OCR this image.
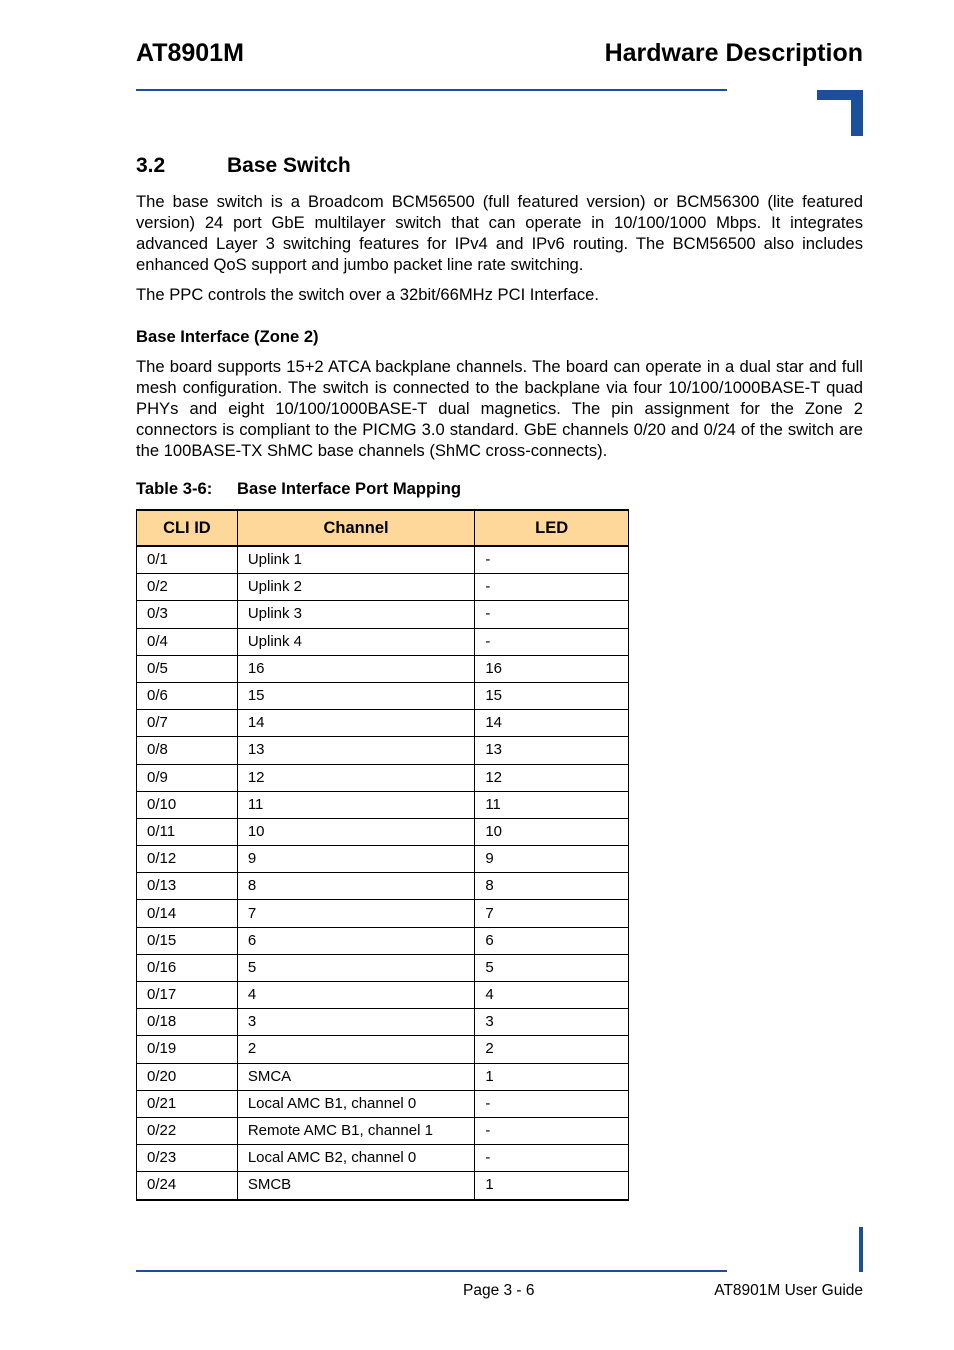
AT8901M	Hardware Description
3.2	Base Switch

The base switch is a Broadcom BCM56500 (full featured version) or BCM56300 (lite featured version) 24 port GbE multilayer switch that can operate in 10/100/1000 Mbps. It integrates advanced Layer 3 switching features for IPv4 and IPv6 routing. The BCM56500 also includes enhanced QoS support and jumbo packet line rate switching.

The PPC controls the switch over a 32bit/66MHz PCI Interface.

Base Interface (Zone 2)

The board supports 15+2 ATCA backplane channels. The board can operate in a dual star and full mesh configuration. The switch is connected to the backplane via four 10/100/1000BASE-T quad PHYs and eight 10/100/1000BASE-T dual magnetics. The pin assignment for the Zone 2 connectors is compliant to the PICMG 3.0 standard. GbE channels 0/20 and 0/24 of the switch are the 100BASE-TX ShMC base channels (ShMC cross-connects).

Table 3-6: Base Interface Port Mapping
CLI ID	Channel	LED
0/1	Uplink 1	-
0/2	Uplink 2	-
0/3	Uplink 3	-
0/4	Uplink 4	-
0/5	16	16
0/6	15	15
0/7	14	14
0/8	13	13
0/9	12	12
0/10	11	11
0/11	10	10
0/12	9	9
0/13	8	8
0/14	7	7
0/15	6	6
0/16	5	5
0/17	4	4
0/18	3	3
0/19	2	2
0/20	SMCA	1
0/21	Local AMC B1, channel 0	-
0/22	Remote AMC B1, channel 1	-
0/23	Local AMC B2, channel 0	-
0/24	SMCB	1
Page 3 - 6	AT8901M User Guide
